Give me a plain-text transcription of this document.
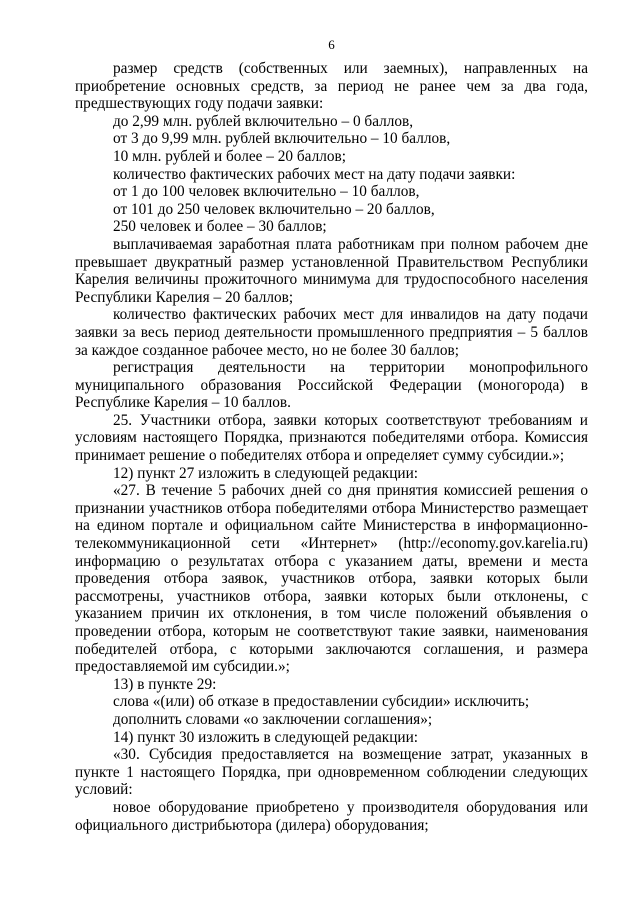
6

размер средств (собственных или заемных), направленных на приобретение основных средств, за период не ранее чем за два года, предшествующих году подачи заявки:

до 2,99 млн. рублей включительно – 0 баллов,

от 3 до 9,99 млн. рублей включительно – 10 баллов,

10 млн. рублей и более – 20 баллов;

количество фактических рабочих мест на дату подачи заявки:

от 1 до 100 человек включительно – 10 баллов,

от 101 до 250 человек включительно – 20 баллов,

250 человек и более – 30 баллов;

выплачиваемая заработная плата работникам при полном рабочем дне превышает двукратный размер установленной Правительством Республики Карелия величины прожиточного минимума для трудоспособного населения Республики Карелия – 20 баллов;

количество фактических рабочих мест для инвалидов на дату подачи заявки за весь период деятельности промышленного предприятия – 5 баллов за каждое созданное рабочее место, но не более 30 баллов;

регистрация деятельности на территории монопрофильного муниципального образования Российской Федерации (моногорода) в Республике Карелия – 10 баллов.

25. Участники отбора, заявки которых соответствуют требованиям и условиям настоящего Порядка, признаются победителями отбора. Комиссия принимает решение о победителях отбора и определяет сумму субсидии.»;

12) пункт 27 изложить в следующей редакции:

«27. В течение 5 рабочих дней со дня принятия комиссией решения о признании участников отбора победителями отбора Министерство размещает на едином портале и официальном сайте Министерства в информационно-телекоммуникационной сети «Интернет» (http://economy.gov.karelia.ru) информацию о результатах отбора с указанием даты, времени и места проведения отбора заявок, участников отбора, заявки которых были рассмотрены, участников отбора, заявки которых были отклонены, с указанием причин их отклонения, в том числе положений объявления о проведении отбора, которым не соответствуют такие заявки, наименования победителей отбора, с которыми заключаются соглашения, и размера предоставляемой им субсидии.»;

13) в пункте 29:

слова «(или) об отказе в предоставлении субсидии» исключить;

дополнить словами «о заключении соглашения»;

14) пункт 30 изложить в следующей редакции:

«30. Субсидия предоставляется на возмещение затрат, указанных в пункте 1 настоящего Порядка, при одновременном соблюдении следующих условий:

новое оборудование приобретено у производителя оборудования или официального дистрибьютора (дилера) оборудования;
